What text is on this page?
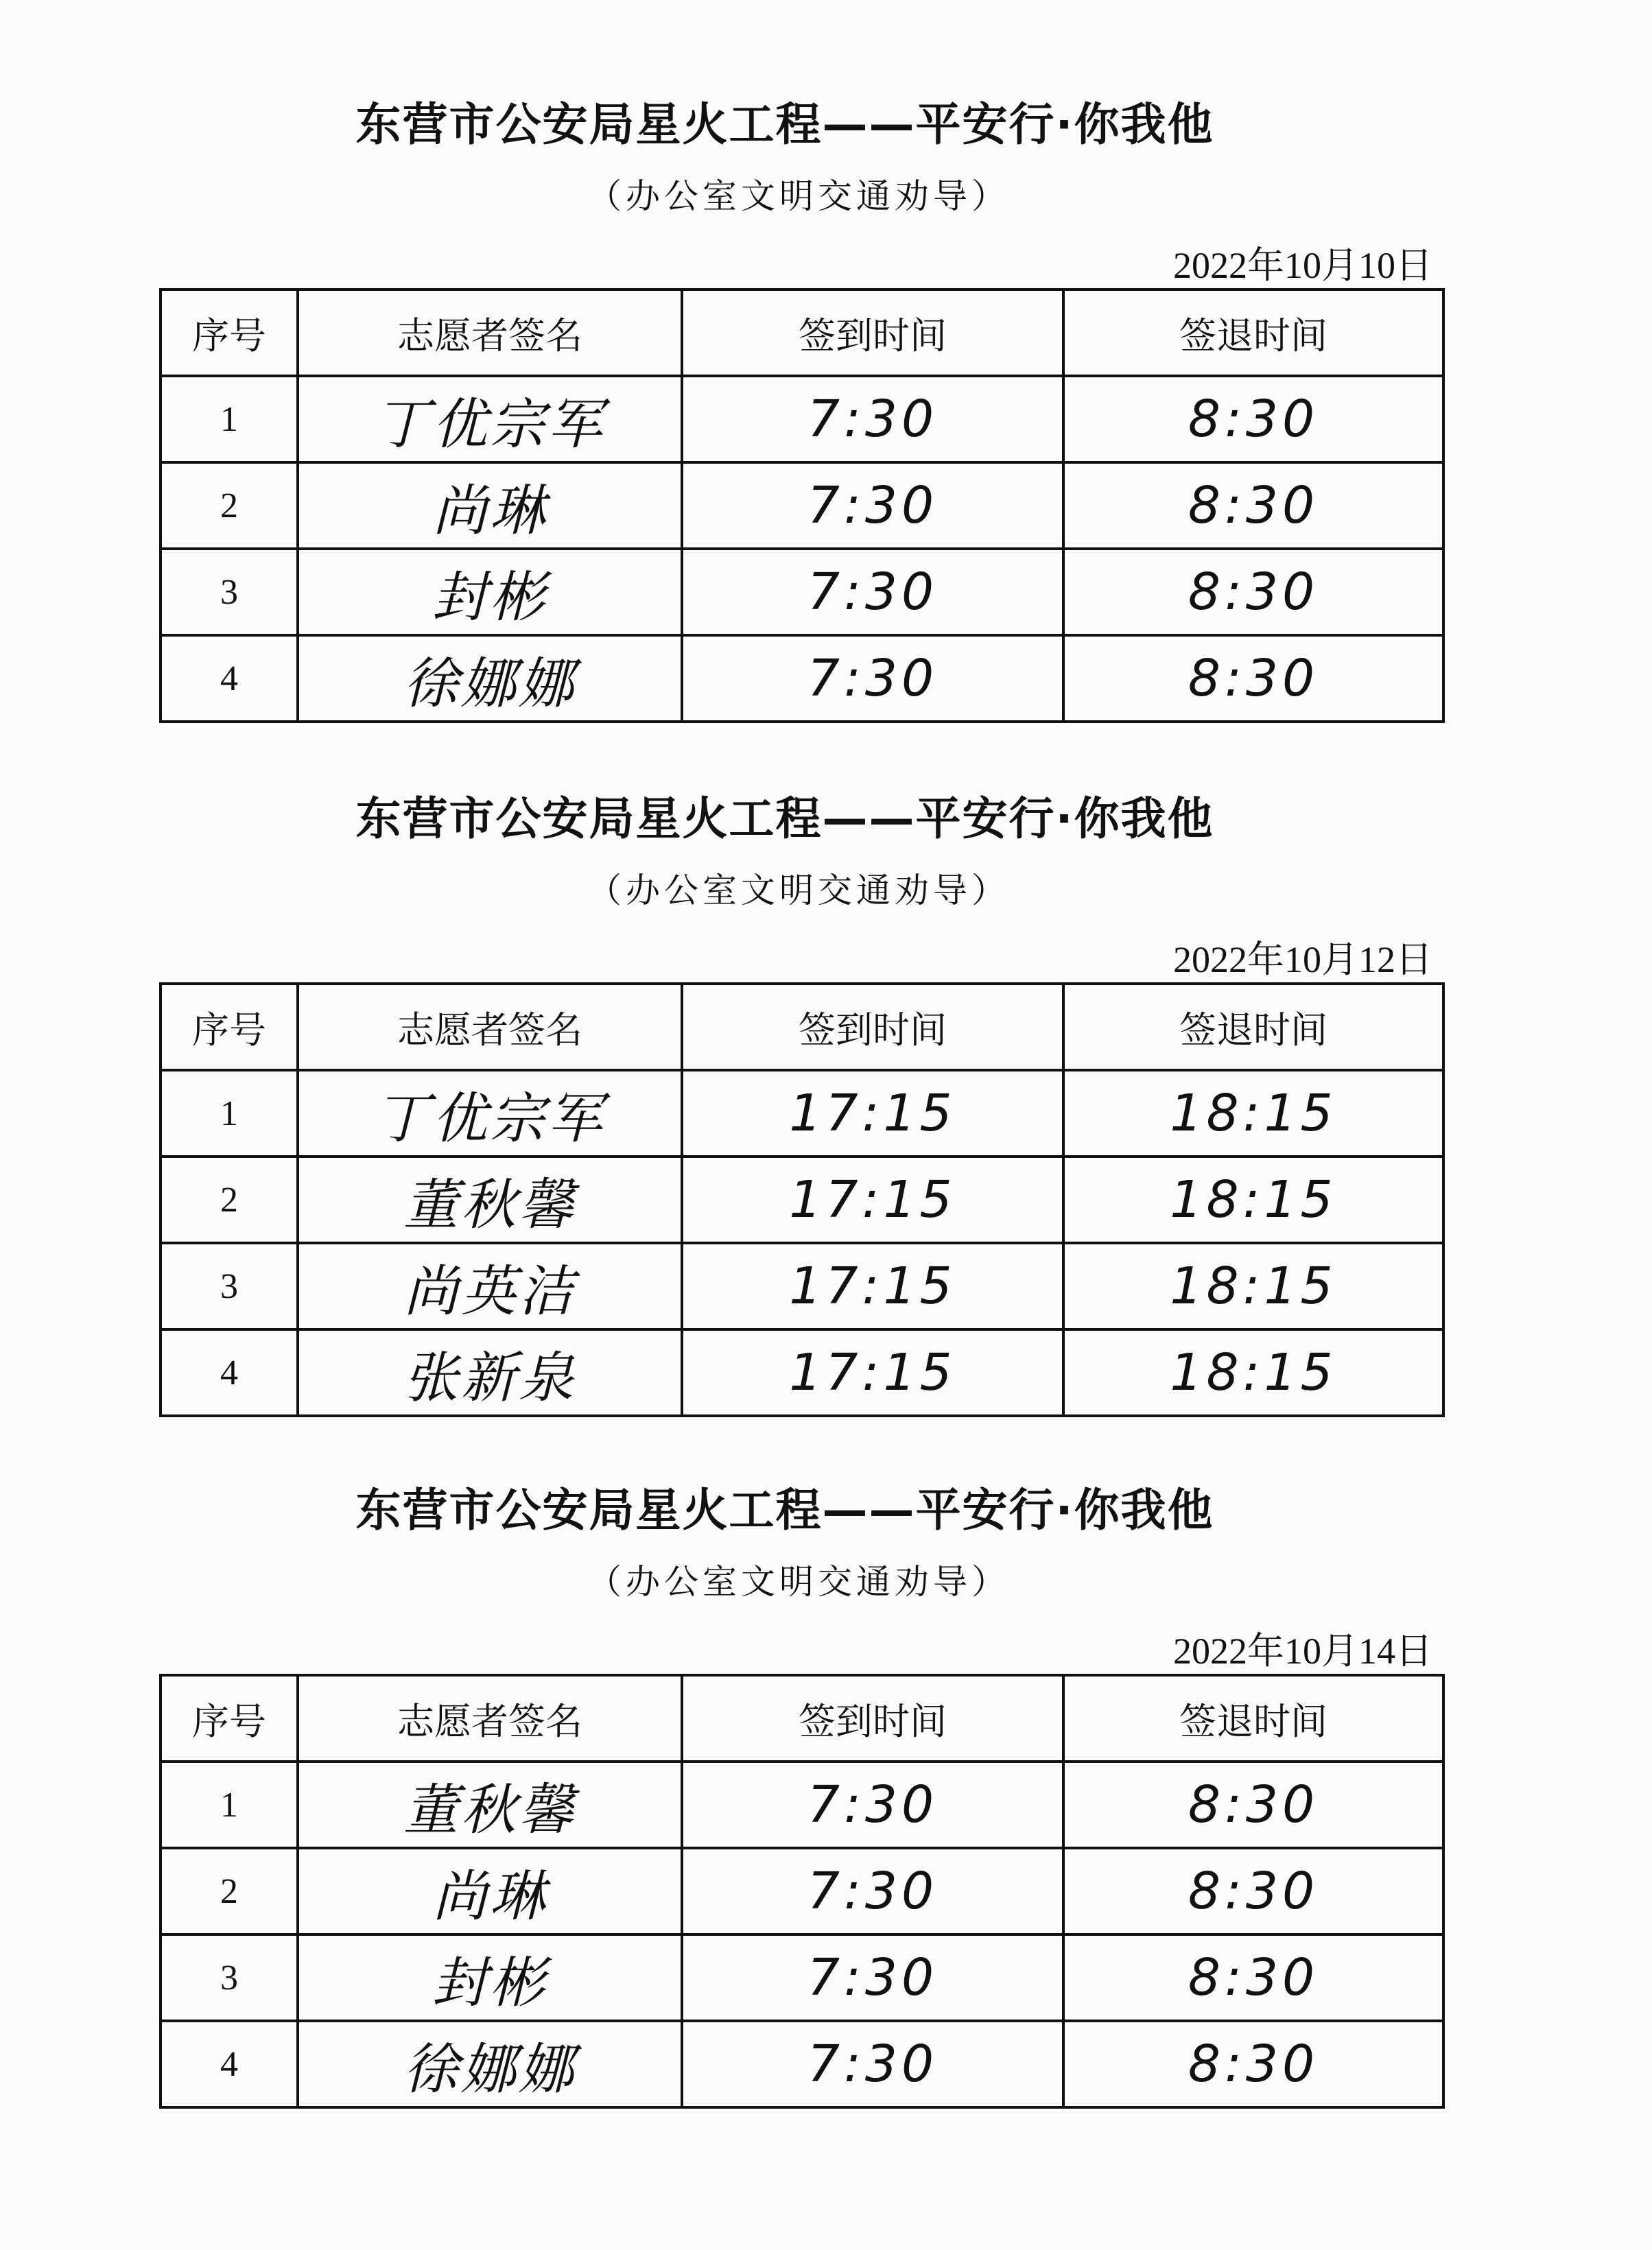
东营市公安局星火工程——平安行·你我他
（办公室文明交通劝导）
2022年10月10日
序号	志愿者签名	签到时间	签退时间
1	丁优宗军	7:30	8:30
2	尚琳	7:30	8:30
3	封彬	7:30	8:30
4	徐娜娜	7:30	8:30
东营市公安局星火工程——平安行·你我他
（办公室文明交通劝导）
2022年10月12日
序号	志愿者签名	签到时间	签退时间
1	丁优宗军	17:15	18:15
2	董秋馨	17:15	18:15
3	尚英洁	17:15	18:15
4	张新泉	17:15	18:15
东营市公安局星火工程——平安行·你我他
（办公室文明交通劝导）
2022年10月14日
序号	志愿者签名	签到时间	签退时间
1	董秋馨	7:30	8:30
2	尚琳	7:30	8:30
3	封彬	7:30	8:30
4	徐娜娜	7:30	8:30
